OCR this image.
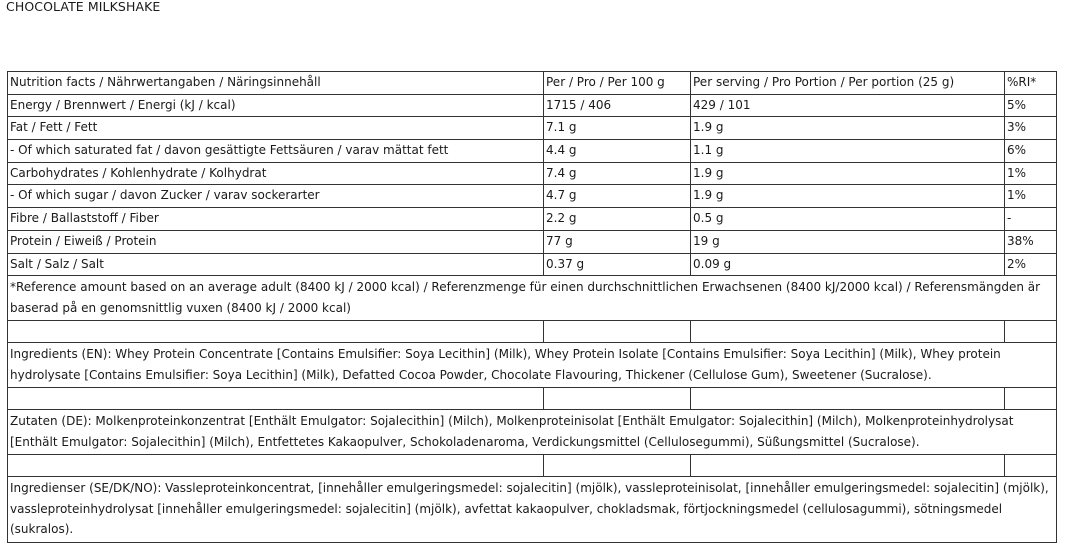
CHOCOLATE MILKSHAKE
Nutrition facts / Nährwertangaben / Näringsinnehåll	Per / Pro / Per 100 g	Per serving / Pro Portion / Per portion (25 g)	%RI*
Energy / Brennwert / Energi (kJ / kcal)	1715 / 406	429 / 101	5%
Fat / Fett / Fett	7.1 g	1.9 g	3%
- Of which saturated fat / davon gesättigte Fettsäuren / varav mättat fett	4.4 g	1.1 g	6%
Carbohydrates / Kohlenhydrate / Kolhydrat	7.4 g	1.9 g	1%
- Of which sugar / davon Zucker / varav sockerarter	4.7 g	1.9 g	1%
Fibre / Ballaststoff / Fiber	2.2 g	0.5 g	-
Protein / Eiweiß / Protein	77 g	19 g	38%
Salt / Salz / Salt	0.37 g	0.09 g	2%
*Reference amount based on an average adult (8400 kJ / 2000 kcal) / Referenzmenge für einen durchschnittlichen Erwachsenen (8400 kJ/2000 kcal) / Referensmängden är baserad på en genomsnittlig vuxen (8400 kJ / 2000 kcal)			

Ingredients (EN): Whey Protein Concentrate [Contains Emulsifier: Soya Lecithin] (Milk), Whey Protein Isolate [Contains Emulsifier: Soya Lecithin] (Milk), Whey protein hydrolysate [Contains Emulsifier: Soya Lecithin] (Milk), Defatted Cocoa Powder, Chocolate Flavouring, Thickener (Cellulose Gum), Sweetener (Sucralose).			

Zutaten (DE): Molkenproteinkonzentrat [Enthält Emulgator: Sojalecithin] (Milch), Molkenproteinisolat [Enthält Emulgator: Sojalecithin] (Milch), Molkenproteinhydrolysat [Enthält Emulgator: Sojalecithin] (Milch), Entfettetes Kakaopulver, Schokoladenaroma, Verdickungsmittel (Cellulosegummi), Süßungsmittel (Sucralose).			

Ingredienser (SE/DK/NO): Vassleproteinkoncentrat, [innehåller emulgeringsmedel: sojalecitin] (mjölk), vassleproteinisolat, [innehåller emulgeringsmedel: sojalecitin] (mjölk), vassleproteinhydrolysat [innehåller emulgeringsmedel: sojalecitin] (mjölk), avfettat kakaopulver, chokladsmak, förtjockningsmedel (cellulosagummi), sötningsmedel (sukralos).			
